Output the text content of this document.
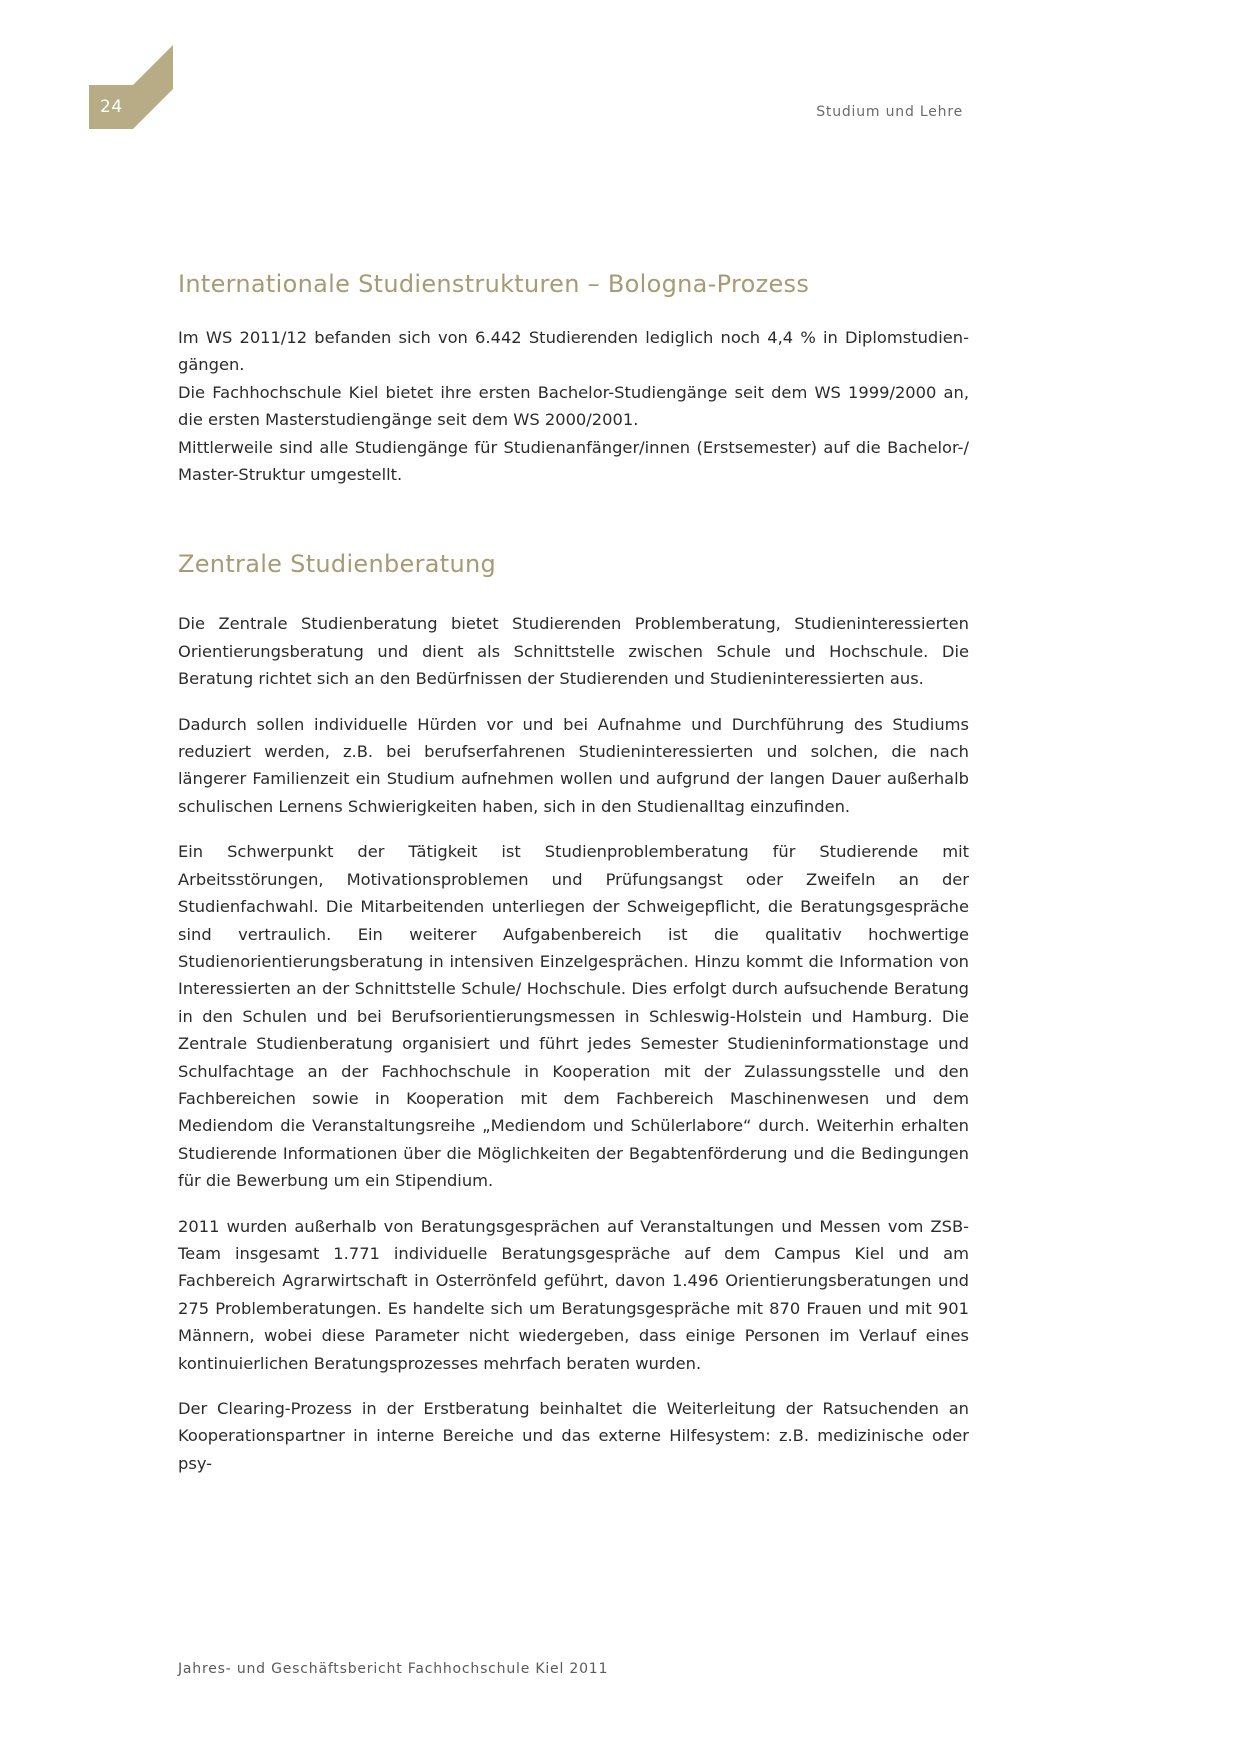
24	Studium und Lehre
Internationale Studienstrukturen – Bologna-Prozess

Im WS 2011/12 befanden sich von 6.442 Studierenden lediglich noch 4,4 % in Diplomstudien-gängen.

Die Fachhochschule Kiel bietet ihre ersten Bachelor-Studiengänge seit dem WS 1999/2000 an, die ersten Masterstudiengänge seit dem WS 2000/2001.

Mittlerweile sind alle Studiengänge für Studienanfänger/innen (Erstsemester) auf die Bachelor-/ Master-Struktur umgestellt.

Zentrale Studienberatung

Die Zentrale Studienberatung bietet Studierenden Problemberatung, Studieninteressierten Orientierungsberatung und dient als Schnittstelle zwischen Schule und Hochschule. Die Beratung richtet sich an den Bedürfnissen der Studierenden und Studieninteressierten aus.

Dadurch sollen individuelle Hürden vor und bei Aufnahme und Durchführung des Studiums reduziert werden, z.B. bei berufserfahrenen Studieninteressierten und solchen, die nach längerer Familienzeit ein Studium aufnehmen wollen und aufgrund der langen Dauer außerhalb schulischen Lernens Schwierigkeiten haben, sich in den Studienalltag einzufinden.

Ein Schwerpunkt der Tätigkeit ist Studienproblemberatung für Studierende mit Arbeitsstörungen, Motivationsproblemen und Prüfungsangst oder Zweifeln an der Studienfachwahl. Die Mitarbeitenden unterliegen der Schweigepflicht, die Beratungsgespräche sind vertraulich. Ein weiterer Aufgabenbereich ist die qualitativ hochwertige Studienorientierungsberatung in intensiven Einzelgesprächen. Hinzu kommt die Information von Interessierten an der Schnittstelle Schule/ Hochschule. Dies erfolgt durch aufsuchende Beratung in den Schulen und bei Berufsorientierungsmessen in Schleswig-Holstein und Hamburg. Die Zentrale Studienberatung organisiert und führt jedes Semester Studieninformationstage und Schulfachtage an der Fachhochschule in Kooperation mit der Zulassungsstelle und den Fachbereichen sowie in Kooperation mit dem Fachbereich Maschinenwesen und dem Mediendom die Veranstaltungsreihe „Mediendom und Schülerlabore“ durch. Weiterhin erhalten Studierende Informationen über die Möglichkeiten der Begabtenförderung und die Bedingungen für die Bewerbung um ein Stipendium.

2011 wurden außerhalb von Beratungsgesprächen auf Veranstaltungen und Messen vom ZSB-Team insgesamt 1.771 individuelle Beratungsgespräche auf dem Campus Kiel und am Fachbereich Agrarwirtschaft in Osterrönfeld geführt, davon 1.496 Orientierungsberatungen und 275 Problemberatungen. Es handelte sich um Beratungsgespräche mit 870 Frauen und mit 901 Männern, wobei diese Parameter nicht wiedergeben, dass einige Personen im Verlauf eines kontinuierlichen Beratungsprozesses mehrfach beraten wurden.

Der Clearing-Prozess in der Erstberatung beinhaltet die Weiterleitung der Ratsuchenden an Kooperationspartner in interne Bereiche und das externe Hilfesystem: z.B. medizinische oder psy-

Jahres- und Geschäftsbericht Fachhochschule Kiel 2011
